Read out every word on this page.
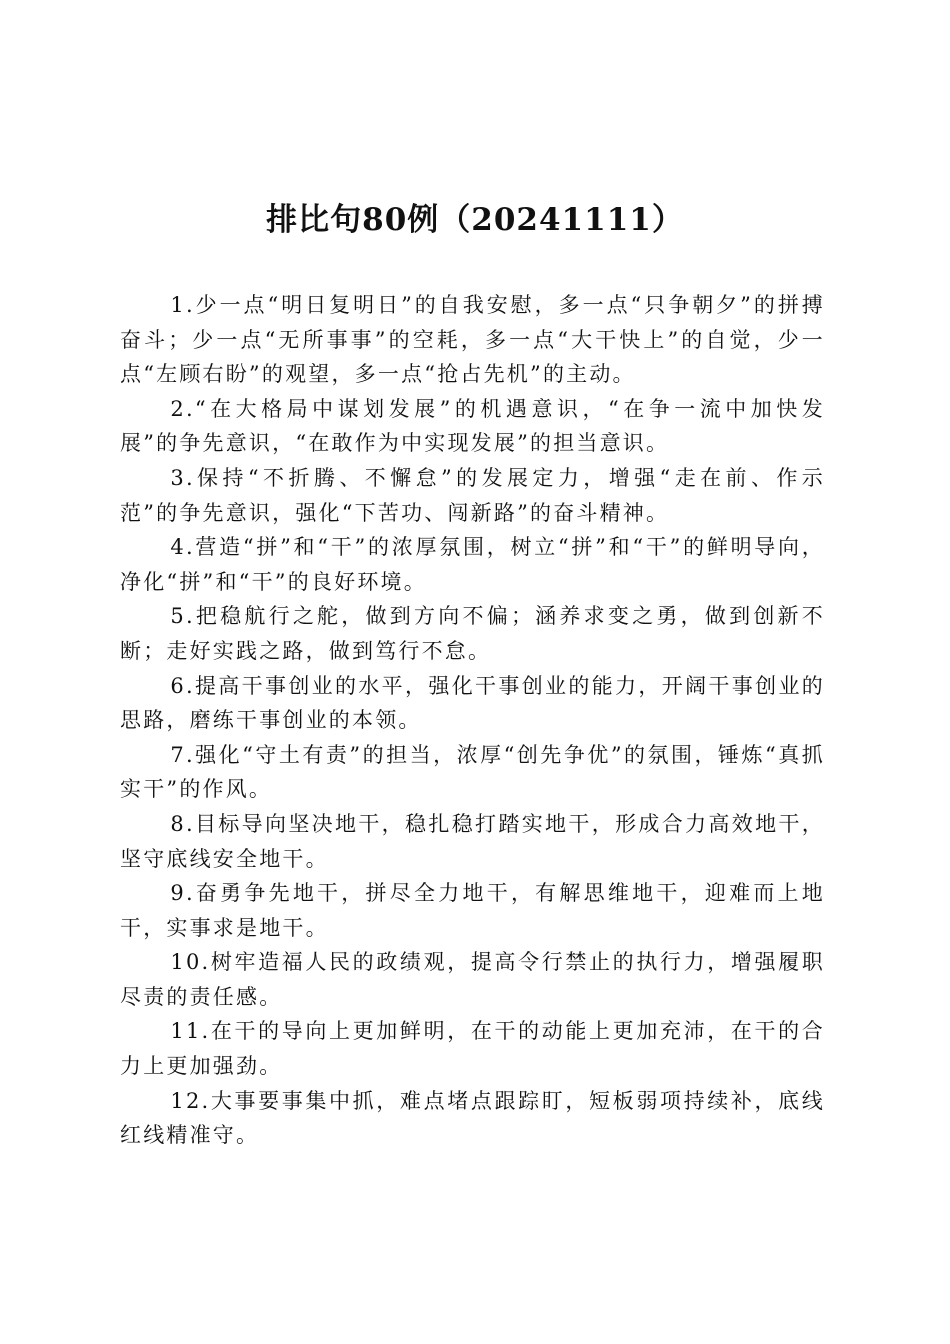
排比句80例（20241111）

1.少一点“明日复明日”的自我安慰，多一点“只争朝夕”的拼搏奋斗；少一点“无所事事”的空耗，多一点“大干快上”的自觉，少一点“左顾右盼”的观望，多一点“抢占先机”的主动。

2.“在大格局中谋划发展”的机遇意识，“在争一流中加快发展”的争先意识，“在敢作为中实现发展”的担当意识。

3.保持“不折腾、不懈怠”的发展定力，增强“走在前、作示范”的争先意识，强化“下苦功、闯新路”的奋斗精神。

4.营造“拼”和“干”的浓厚氛围，树立“拼”和“干”的鲜明导向，净化“拼”和“干”的良好环境。

5.把稳航行之舵，做到方向不偏；涵养求变之勇，做到创新不断；走好实践之路，做到笃行不怠。

6.提高干事创业的水平，强化干事创业的能力，开阔干事创业的思路，磨练干事创业的本领。

7.强化“守土有责”的担当，浓厚“创先争优”的氛围，锤炼“真抓实干”的作风。

8.目标导向坚决地干，稳扎稳打踏实地干，形成合力高效地干，坚守底线安全地干。

9.奋勇争先地干，拼尽全力地干，有解思维地干，迎难而上地干，实事求是地干。

10.树牢造福人民的政绩观，提高令行禁止的执行力，增强履职尽责的责任感。

11.在干的导向上更加鲜明，在干的动能上更加充沛，在干的合力上更加强劲。

12.大事要事集中抓，难点堵点跟踪盯，短板弱项持续补，底线红线精准守。
